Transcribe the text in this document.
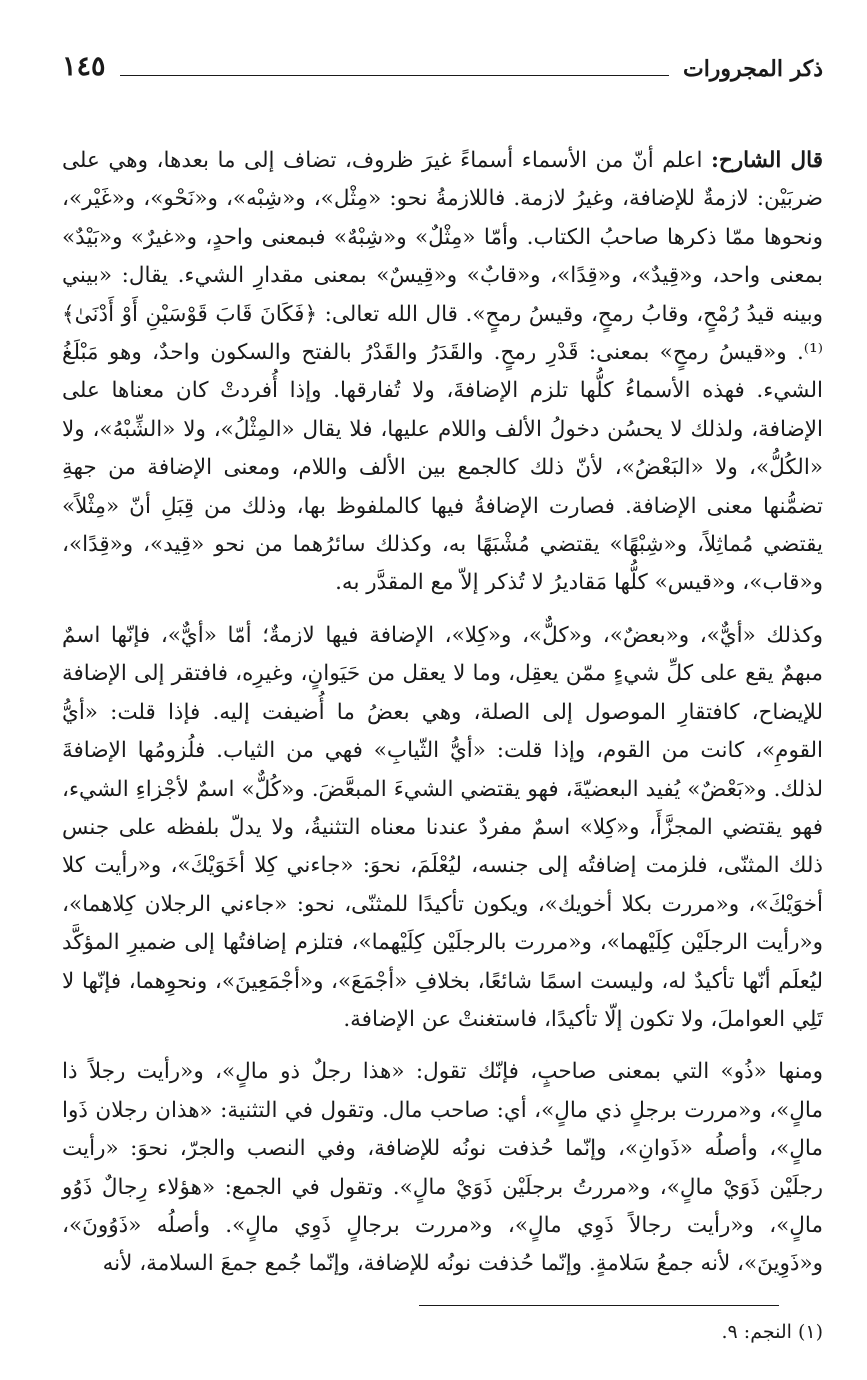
ذكر المجرورات
١٤٥

قال الشارح: اعلم أنّ من الأسماء أسماءً غيرَ ظروف، تضاف إلى ما بعدها، وهي على ضربَيْن: لازمةٌ للإضافة، وغيرُ لازمة. فاللازمةُ نحو: «مِثْل»، و«شِبْه»، و«نَحْو»، و«غَيْر»، ونحوها ممّا ذكرها صاحبُ الكتاب. وأمّا «مِثْلٌ» و«شِبْهٌ» فبمعنى واحدٍ، و«غيرٌ» و«بَيْدٌ» بمعنى واحد، و«قِيدٌ»، و«قِدًا»، و«قابٌ» و«قِيسٌ» بمعنى مقدارِ الشيء. يقال: «بيني وبينه قيدُ رُمْحٍ، وقابُ رمحٍ، وقيسُ رمحٍ». قال الله تعالى: ﴿فَكَانَ قَابَ قَوْسَيْنِ أَوْ أَدْنَىٰ﴾⁽¹⁾. و«قيسُ رمحٍ» بمعنى: قَدْرِ رمحٍ. والقَدَرُ والقَدْرُ بالفتح والسكون واحدٌ، وهو مَبْلَغُ الشيء. فهذه الأسماءُ كلُّها تلزم الإضافةَ، ولا تُفارقها. وإذا أُفردتْ كان معناها على الإضافة، ولذلك لا يحسُن دخولُ الألف واللام عليها، فلا يقال «المِثْلُ»، ولا «الشِّبْهُ»، ولا «الكُلُّ»، ولا «البَعْضُ»، لأنّ ذلك كالجمع بين الألف واللام، ومعنى الإضافة من جهةِ تضمُّنها معنى الإضافة. فصارت الإضافةُ فيها كالملفوظ بها، وذلك من قِبَلِ أنّ «مِثْلاً» يقتضي مُماثِلاً، و«شِبْهًا» يقتضي مُشْبَهًا به، وكذلك سائرُهما من نحو «قِيد»، و«قِدًا»، و«قاب»، و«قيس» كلُّها مَقاديرُ لا تُذكر إلاّ مع المقدَّر به.

وكذلك «أيٌّ»، و«بعضٌ»، و«كلٌّ»، و«كِلا»، الإضافة فيها لازمةٌ؛ أمّا «أيٌّ»، فإنّها اسمٌ مبهمٌ يقع على كلِّ شيءٍ ممّن يعقِل، وما لا يعقل من حَيَوانٍ، وغيرِه، فافتقر إلى الإضافة للإيضاح، كافتقارِ الموصول إلى الصلة، وهي بعضُ ما أُضيفت إليه. فإذا قلت: «أيُّ القومِ»، كانت من القوم، وإذا قلت: «أيُّ الثّيابِ» فهي من الثياب. فلُزومُها الإضافةَ لذلك. و«بَعْضٌ» يُفيد البعضيّةَ، فهو يقتضي الشيءَ المبعَّضَ. و«كُلٌّ» اسمٌ لأجْزاءِ الشيء، فهو يقتضي المجزَّأَ، و«كِلا» اسمٌ مفردٌ عندنا معناه التثنيةُ، ولا يدلّ بلفظه على جنس ذلك المثنّى، فلزمت إضافتُه إلى جنسه، ليُعْلَمَ، نحوَ: «جاءني كِلا أخَوَيْكَ»، و«رأيت كلا أخوَيْكَ»، و«مررت بكلا أخويك»، ويكون تأكيدًا للمثنّى، نحو: «جاءني الرجلان كِلاهما»، و«رأيت الرجلَيْن كِلَيْهما»، و«مررت بالرجلَيْن كِلَيْهما»، فتلزم إضافتُها إلى ضميرِ المؤكَّد ليُعلَم أنّها تأكيدٌ له، وليست اسمًا شائعًا، بخلافِ «أجْمَعَ»، و«أجْمَعِينَ»، ونحوِهما، فإنّها لا تَلِي العواملَ، ولا تكون إلّا تأكيدًا، فاستغنتْ عن الإضافة.

ومنها «ذُو» التي بمعنى صاحبٍ، فإنّك تقول: «هذا رجلٌ ذو مالٍ»، و«رأيت رجلاً ذا مالٍ»، و«مررت برجلٍ ذي مالٍ»، أي: صاحب مال. وتقول في التثنية: «هذان رجلان ذَوا مالٍ»، وأصلُه «ذَوانِ»، وإنّما حُذفت نونُه للإضافة، وفي النصب والجرّ، نحوَ: «رأيت رجلَيْن ذَوَيْ مالٍ»، و«مررتُ برجلَيْن ذَوَيْ مالٍ». وتقول في الجمع: «هؤلاء رِجالٌ ذَوُو مالٍ»، و«رأيت رجالاً ذَوِي مالٍ»، و«مررت برجالٍ ذَوِي مالٍ». وأصلُه «ذَوُونَ»، و«ذَوِينَ»، لأنه جمعُ سَلامةٍ. وإنّما حُذفت نونُه للإضافة، وإنّما جُمع جمعَ السلامة، لأنه

(١) النجم: ٩.
